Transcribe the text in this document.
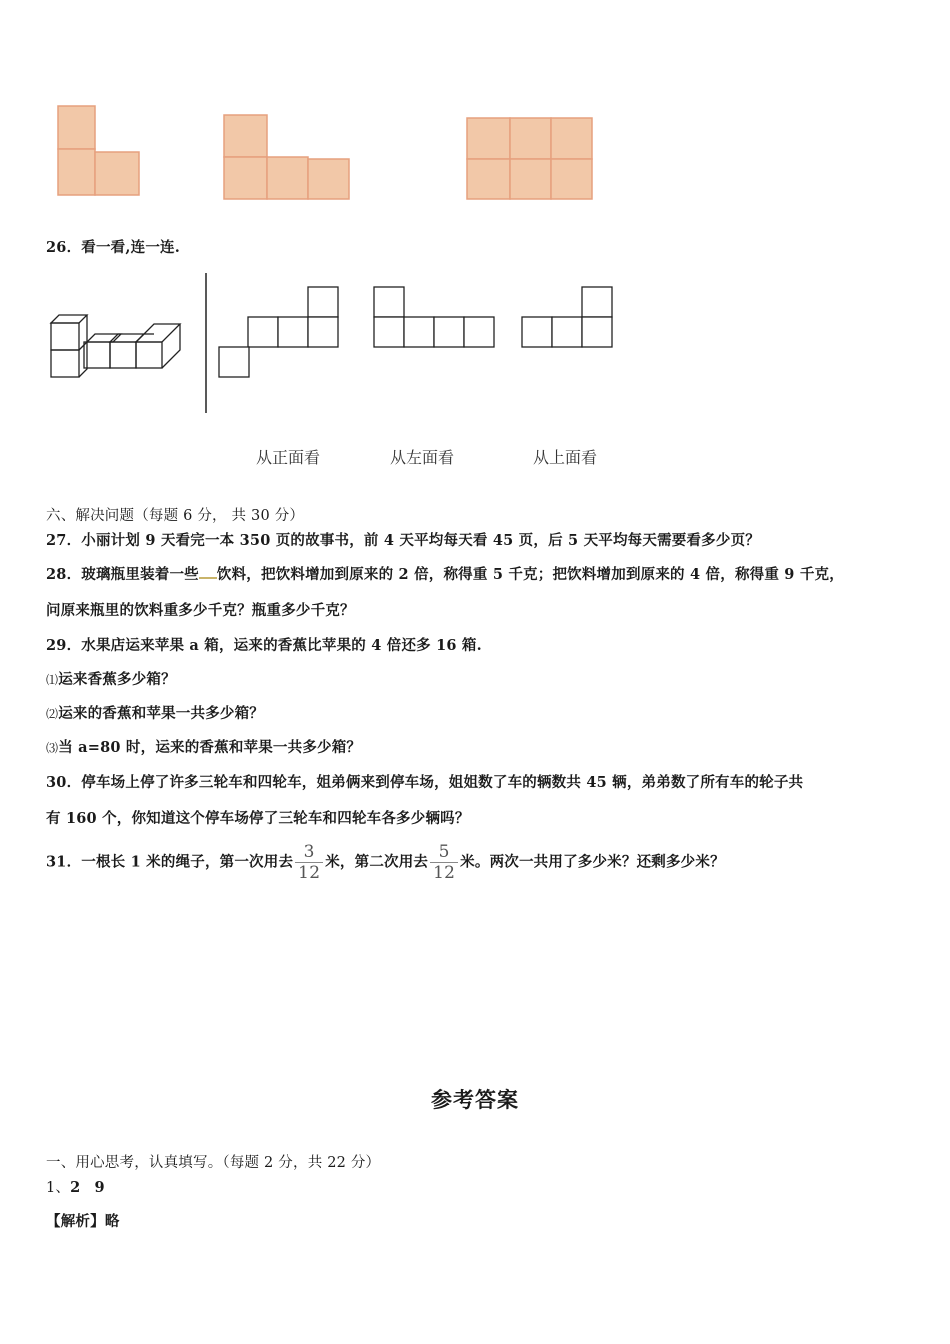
26．看一看,连一连.
从正面看	从左面看	从上面看
六、解决问题（每题 6 分， 共 30 分）
27．小丽计划 9 天看完一本 350 页的故事书，前 4 天平均每天看 45 页，后 5 天平均每天需要看多少页？
28．玻璃瓶里装着一些 饮料，把饮料增加到原来的 2 倍，称得重 5 千克；把饮料增加到原来的 4 倍，称得重 9 千克，
问原来瓶里的饮料重多少千克？瓶重多少千克？
29．水果店运来苹果 a 箱，运来的香蕉比苹果的 4 倍还多 16 箱.
⑴运来香蕉多少箱？
⑵运来的香蕉和苹果一共多少箱？
⑶当 a=80 时，运来的香蕉和苹果一共多少箱？
30．停车场上停了许多三轮车和四轮车，姐弟俩来到停车场，姐姐数了车的辆数共 45 辆，弟弟数了所有车的轮子共
有 160 个，你知道这个停车场停了三轮车和四轮车各多少辆吗？
31．一根长 1 米的绳子，第一次用去 $\frac{3}{12}$ 米，第二次用去 $\frac{5}{12}$ 米。两次一共用了多少米？还剩多少米？
参考答案
一、用心思考，认真填写。（每题 2 分，共 22 分）
1、2 9
【解析】略
